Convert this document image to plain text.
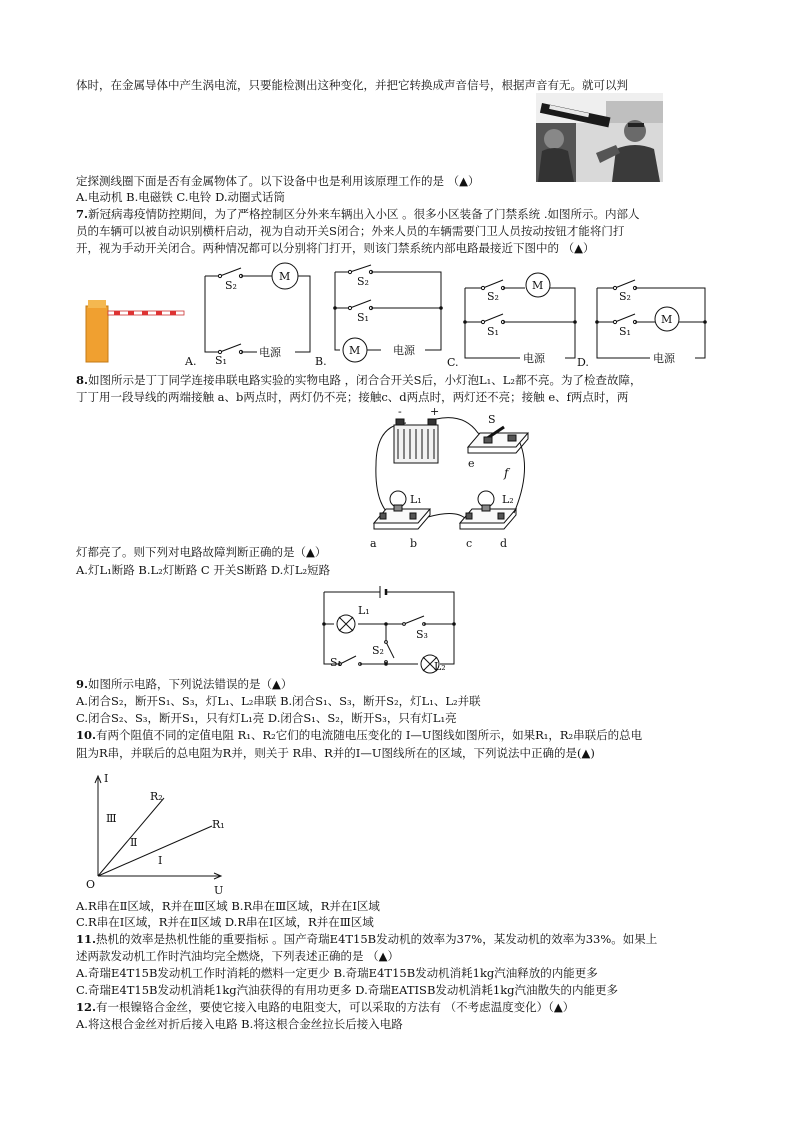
体时，在金属导体中产生涡电流，只要能检测出这种变化，并把它转换成声音信号，根据声音有无。就可以判
定探测线圈下面是否有金属物体了。以下设备中也是利用该原理工作的是 （▲）
A.电动机 B.电磁铁 C.电铃 D.动圈式话筒
7.新冠病毒疫情防控期间，为了严格控制区分外来车辆出入小区 。很多小区装备了门禁系统 .如图所示。内部人
员的车辆可以被自动识别横杆启动，视为自动开关S闭合；外来人员的车辆需要门卫人员按动按钮才能将门打
开，视为手动开关闭合。两种情况都可以分别将门打开，则该门禁系统内部电路最接近下图中的 （▲）
8.如图所示是丁丁同学连接串联电路实验的实物电路 ，闭合合开关S后，小灯泡L₁、L₂都不亮。为了检查故障，
丁丁用一段导线的两端接触 a、b两点时，两灯仍不亮；接触c、d两点时，两灯还不亮；接触 e、f两点时，两
灯都亮了。则下列对电路故障判断正确的是（▲）
A.灯L₁断路 B.L₂灯断路 C 开关S断路 D.灯L₂短路
9.如图所示电路，下列说法错误的是（▲）
A.闭合S₂，断开S₁、S₃，灯L₁、L₂串联 B.闭合S₁、S₃，断开S₂，灯L₁、L₂并联
C.闭合S₂、S₃，断开S₁，只有灯L₁亮 D.闭合S₁、S₂，断开S₃，只有灯L₁亮
10.有两个阻值不同的定值电阻 R₁、R₂它们的电流随电压变化的 I—U图线如图所示，如果R₁，R₂串联后的总电
阻为R串，并联后的总电阻为R并，则关于 R串、R并的I—U图线所在的区域，下列说法中正确的是(▲)
A.R串在Ⅱ区域，R并在Ⅲ区域 B.R串在Ⅲ区域，R并在Ⅰ区域
C.R串在Ⅰ区域，R并在Ⅱ区域 D.R串在Ⅰ区域，R并在Ⅲ区域
11.热机的效率是热机性能的重要指标 。国产奇瑞E4T15B发动机的效率为37%，某发动机的效率为33%。如果上
述两款发动机工作时汽油均完全燃烧，下列表述正确的是 （▲）
A.奇瑞E4T15B发动机工作时消耗的燃料一定更少 B.奇瑞E4T15B发动机消耗1kg汽油释放的内能更多
C.奇瑞E4T15B发动机消耗1kg汽油获得的有用功更多 D.奇瑞EATISB发动机消耗1kg汽油散失的内能更多
12.有一根镍铬合金丝，要使它接入电路的电阻变大，可以采取的方法有 （不考虑温度变化）（▲）
A.将这根合金丝对折后接入电路 B.将这根合金丝拉长后接入电路
A.
S₂
M
S₁
电源
B.
S₂
S₁
M	电源
C.
S₂
S₁
M
电源	D.
S₂
S₁
M
电源
-	+
S
e
f
L₁	L₂
a	b	c	d
L₁
S₃
S₂
S₁	L₂
I
U
O
R₂
R₁
Ⅲ
Ⅱ
Ⅰ
